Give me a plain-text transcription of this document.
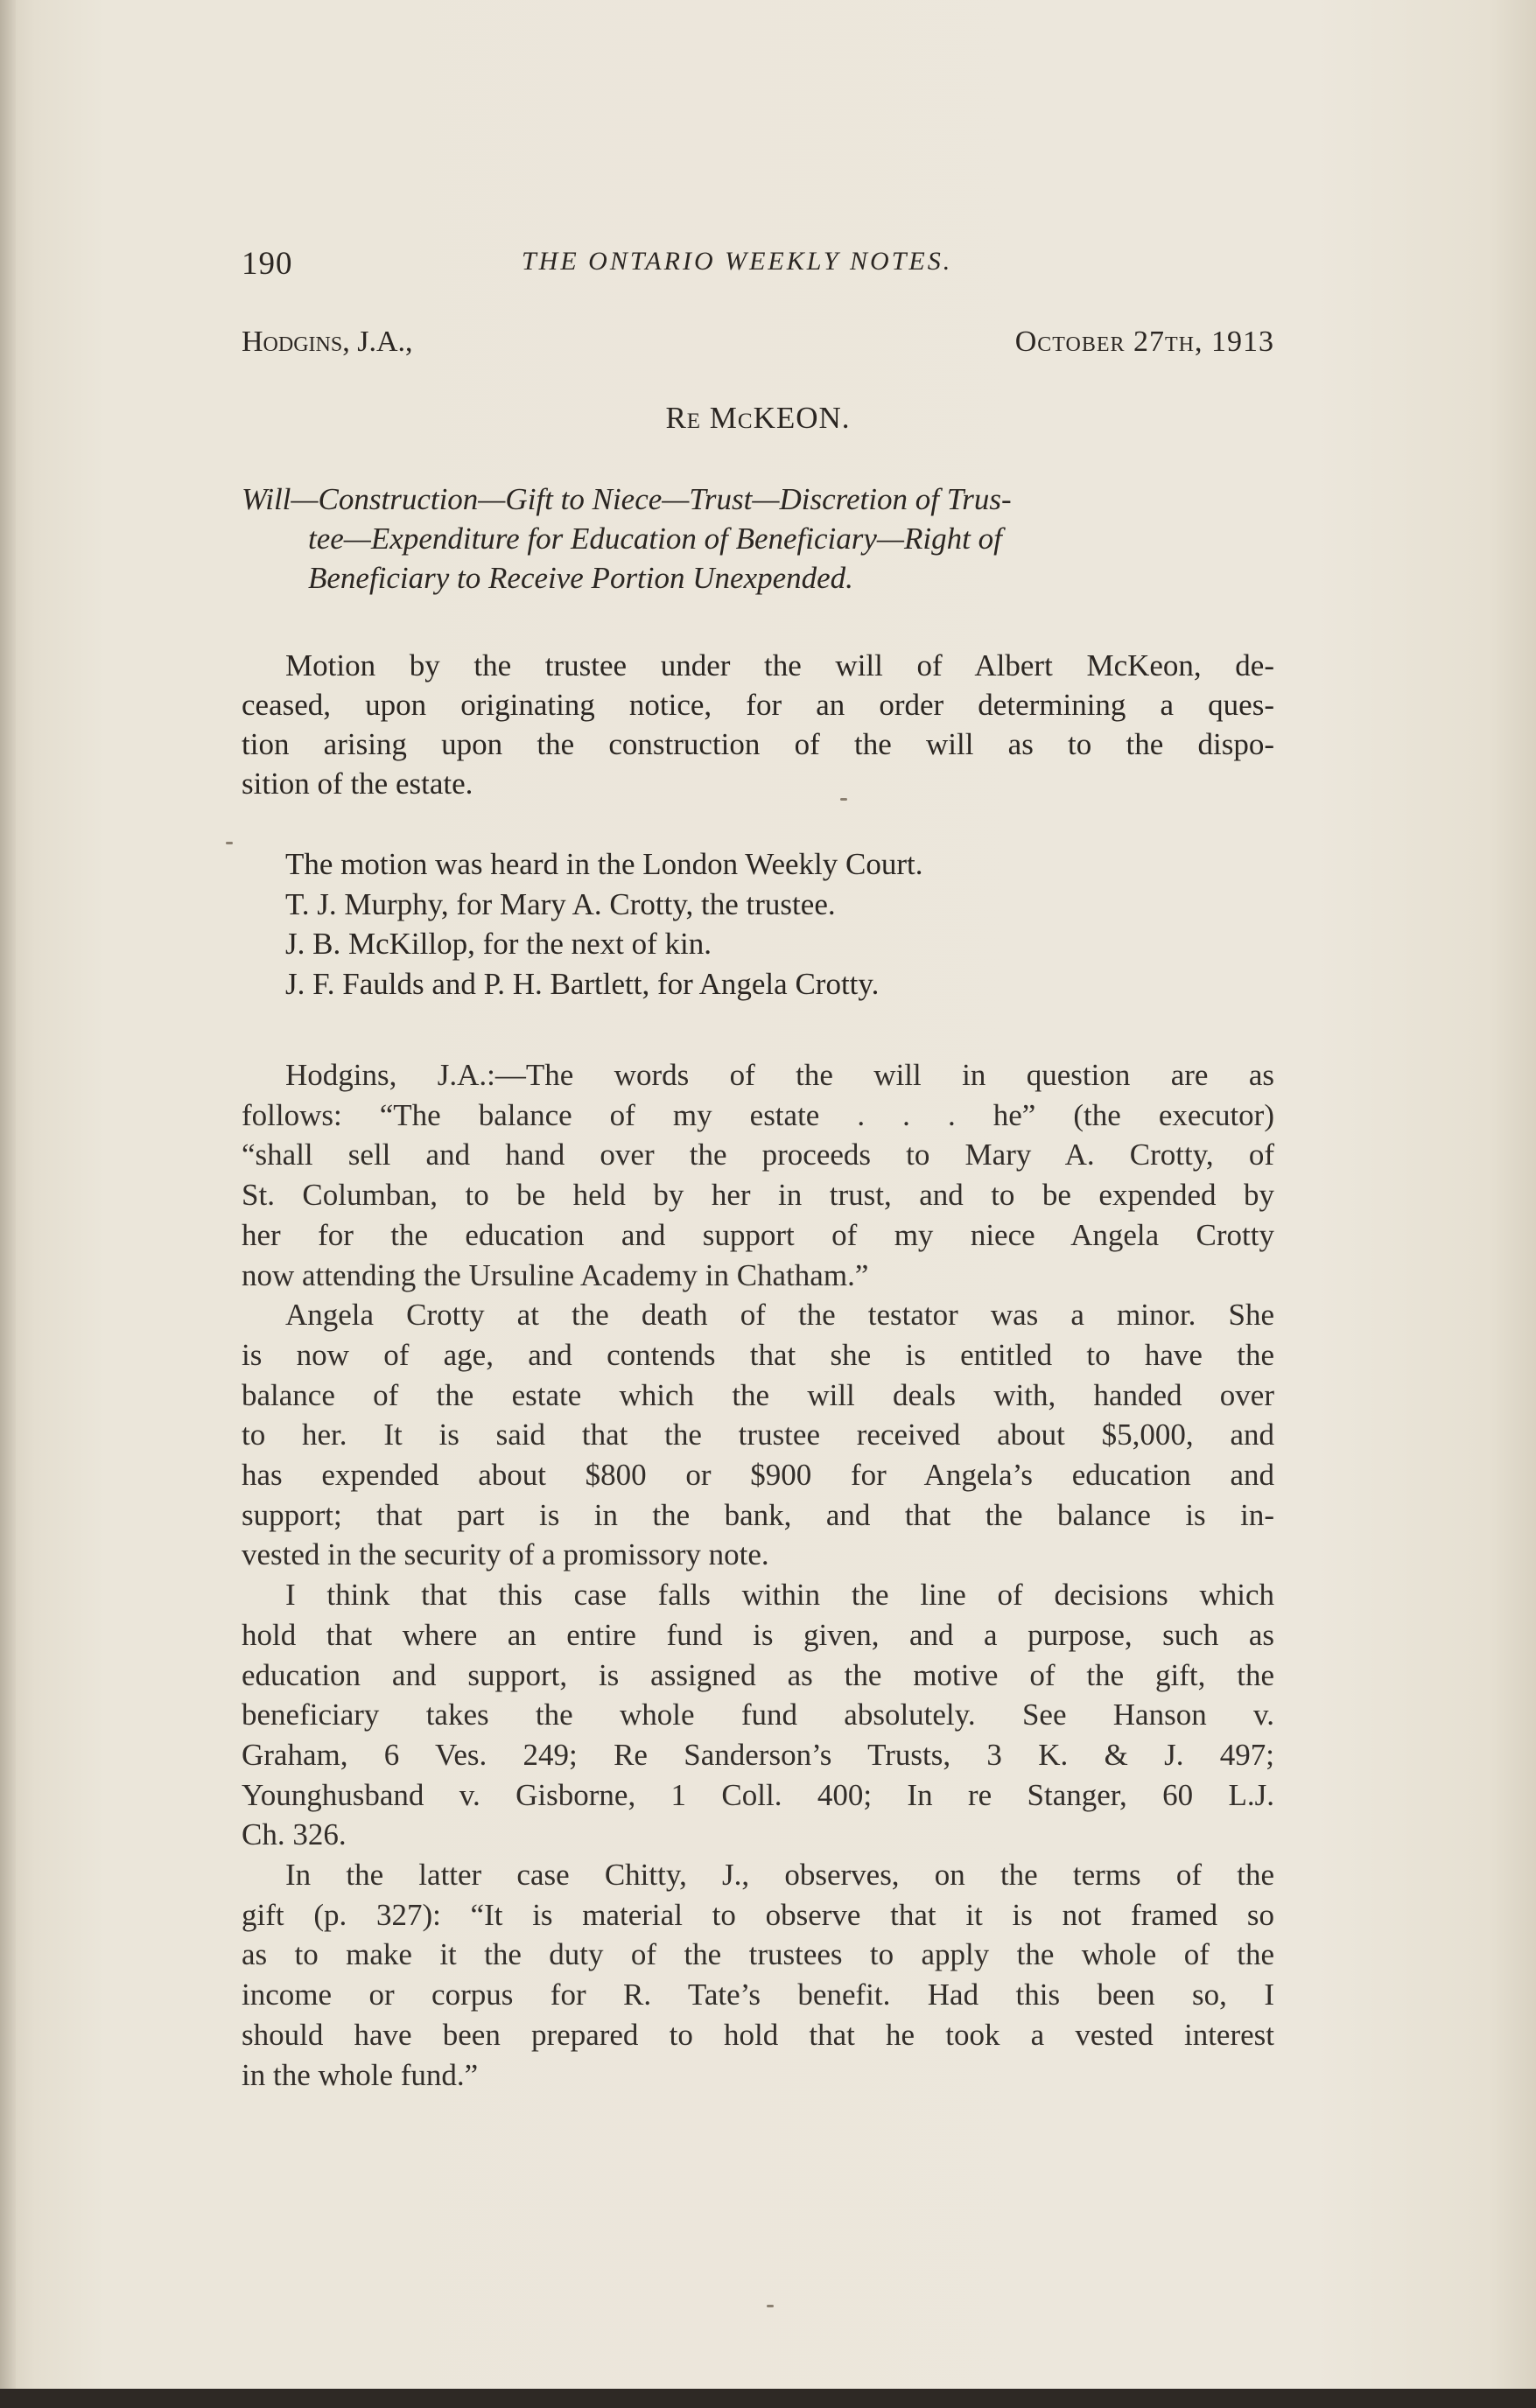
190	THE ONTARIO WEEKLY NOTES.
Hodgins, J.A.,	October 27th, 1913
Re McKEON.
Will—Construction—Gift to Niece—Trust—Discretion of Trus-
tee—Expenditure for Education of Beneficiary—Right of
Beneficiary to Receive Portion Unexpended.
Motion by the trustee under the will of Albert McKeon, de-
ceased, upon originating notice, for an order determining a ques-
tion arising upon the construction of the will as to the dispo-
sition of the estate.
The motion was heard in the London Weekly Court.
T. J. Murphy, for Mary A. Crotty, the trustee.
J. B. McKillop, for the next of kin.
J. F. Faulds and P. H. Bartlett, for Angela Crotty.
Hodgins, J.A.:—The words of the will in question are as
follows: “The balance of my estate . . . he” (the executor)
“shall sell and hand over the proceeds to Mary A. Crotty, of
St. Columban, to be held by her in trust, and to be expended by
her for the education and support of my niece Angela Crotty
now attending the Ursuline Academy in Chatham.”
Angela Crotty at the death of the testator was a minor. She
is now of age, and contends that she is entitled to have the
balance of the estate which the will deals with, handed over
to her. It is said that the trustee received about $5,000, and
has expended about $800 or $900 for Angela’s education and
support; that part is in the bank, and that the balance is in-
vested in the security of a promissory note.
I think that this case falls within the line of decisions which
hold that where an entire fund is given, and a purpose, such as
education and support, is assigned as the motive of the gift, the
beneficiary takes the whole fund absolutely. See Hanson v.
Graham, 6 Ves. 249; Re Sanderson’s Trusts, 3 K. & J. 497;
Younghusband v. Gisborne, 1 Coll. 400; In re Stanger, 60 L.J.
Ch. 326.
In the latter case Chitty, J., observes, on the terms of the
gift (p. 327): “It is material to observe that it is not framed so
as to make it the duty of the trustees to apply the whole of the
income or corpus for R. Tate’s benefit. Had this been so, I
should have been prepared to hold that he took a vested interest
in the whole fund.”
